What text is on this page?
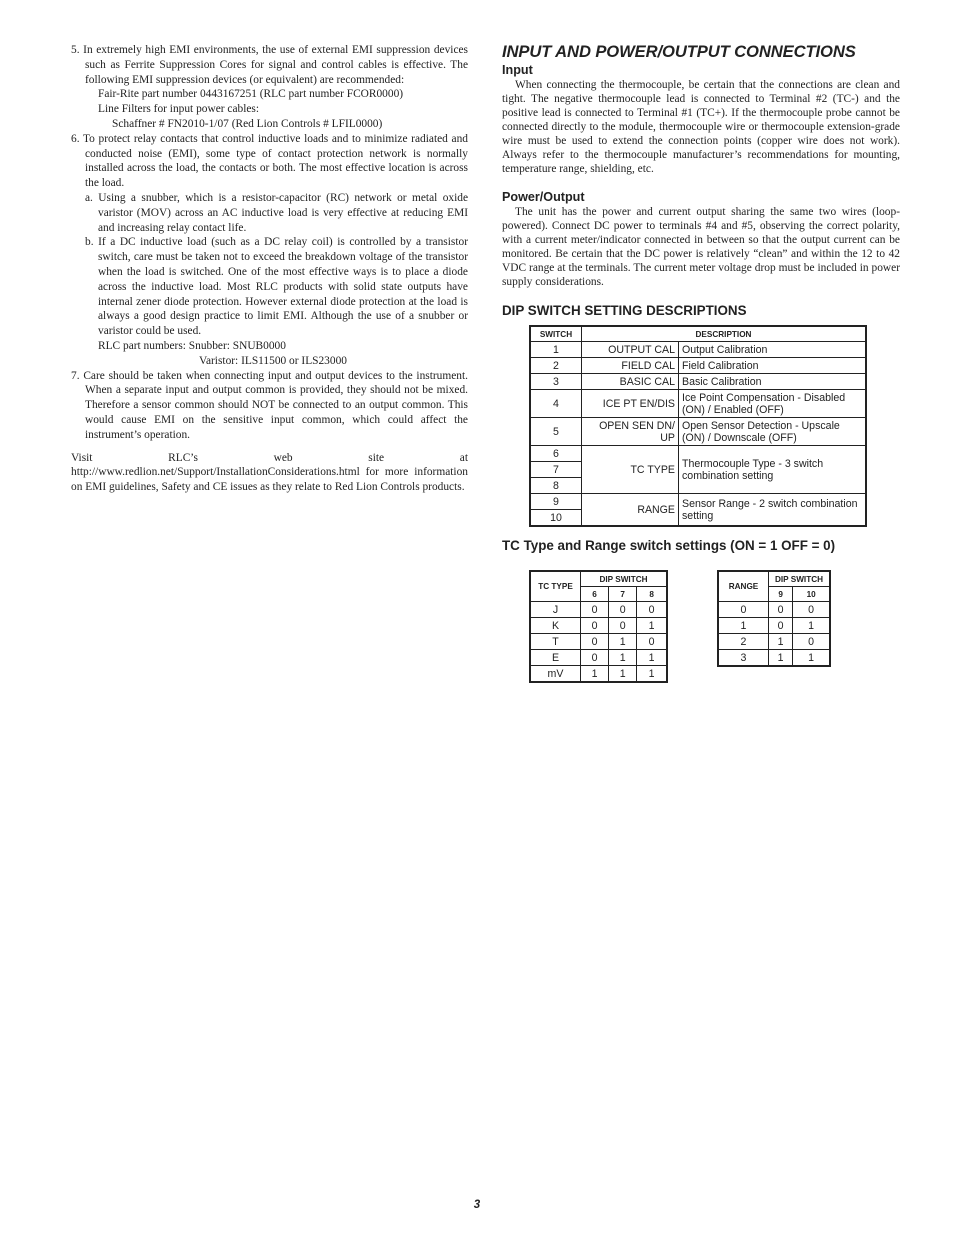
5. In extremely high EMI environments, the use of external EMI suppression devices such as Ferrite Suppression Cores for signal and control cables is effective. The following EMI suppression devices (or equivalent) are recommended:

Fair-Rite part number 0443167251 (RLC part number FCOR0000)

Line Filters for input power cables:

Schaffner # FN2010-1/07 (Red Lion Controls # LFIL0000)

6. To protect relay contacts that control inductive loads and to minimize radiated and conducted noise (EMI), some type of contact protection network is normally installed across the load, the contacts or both. The most effective location is across the load.

a. Using a snubber, which is a resistor-capacitor (RC) network or metal oxide varistor (MOV) across an AC inductive load is very effective at reducing EMI and increasing relay contact life.

b. If a DC inductive load (such as a DC relay coil) is controlled by a transistor switch, care must be taken not to exceed the breakdown voltage of the transistor when the load is switched. One of the most effective ways is to place a diode across the inductive load. Most RLC products with solid state outputs have internal zener diode protection. However external diode protection at the load is always a good design practice to limit EMI. Although the use of a snubber or varistor could be used.

RLC part numbers: Snubber: SNUB0000

Varistor: ILS11500 or ILS23000

7. Care should be taken when connecting input and output devices to the instrument. When a separate input and output common is provided, they should not be mixed. Therefore a sensor common should NOT be connected to an output common. This would cause EMI on the sensitive input common, which could affect the instrument’s operation.

Visit RLC’s web site at http://www.redlion.net/Support/InstallationConsiderations.html for more information on EMI guidelines, Safety and CE issues as they relate to Red Lion Controls products.

INPUT AND POWER/OUTPUT CONNECTIONS
Input

When connecting the thermocouple, be certain that the connections are clean and tight. The negative thermocouple lead is connected to Terminal #2 (TC-) and the positive lead is connected to Terminal #1 (TC+). If the thermocouple probe cannot be connected directly to the module, thermocouple wire or thermocouple extension-grade wire must be used to extend the connection points (copper wire does not work). Always refer to the thermocouple manufacturer’s recommendations for mounting, temperature range, shielding, etc.

Power/Output

The unit has the power and current output sharing the same two wires (loop-powered). Connect DC power to terminals #4 and #5, observing the correct polarity, with a current meter/indicator connected in between so that the output current can be monitored. Be certain that the DC power is relatively “clean” and within the 12 to 42 VDC range at the terminals. The current meter voltage drop must be included in power supply considerations.

DIP SWITCH SETTING DESCRIPTIONS
SWITCH	DESCRIPTION	
1	OUTPUT CAL	Output Calibration
2	FIELD CAL	Field Calibration
3	BASIC CAL	Basic Calibration
4	ICE PT EN/DIS	Ice Point Compensation - Disabled (ON) / Enabled (OFF)
5	OPEN SEN DN/ UP	Open Sensor Detection - Upscale (ON) / Downscale (OFF)
6	TC TYPE	Thermocouple Type - 3 switch combination setting
7		
8		
9	RANGE	Sensor Range - 2 switch combination setting
10		
TC Type and Range switch settings (ON = 1 OFF = 0)
TC TYPE	DIP SWITCH		
	6	7	8
J	0	0	0
K	0	0	1
T	0	1	0
E	0	1	1
mV	1	1	1
RANGE	DIP SWITCH	
	9	10
0	0	0
1	0	1
2	1	0
3	1	1
3
